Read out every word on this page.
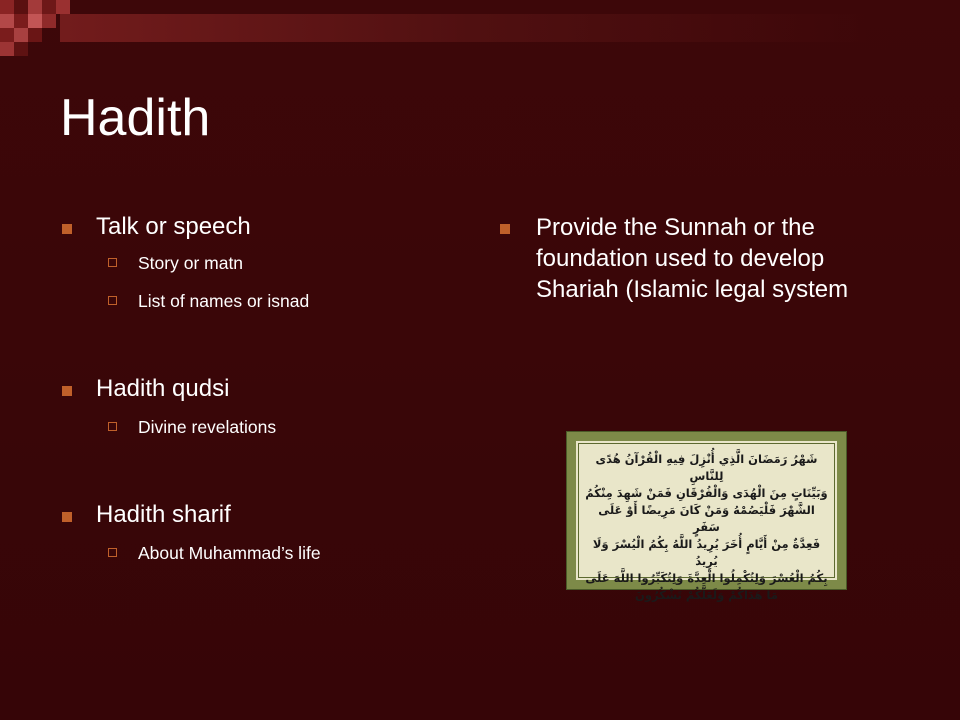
Hadith
Talk or speech
Story or matn
List of names or isnad
Hadith qudsi
Divine revelations
Hadith sharif
About Muhammad’s life
Provide the Sunnah or the foundation used to develop Shariah (Islamic legal system
شَهْرُ رَمَضَانَ الَّذِي أُنْزِلَ فِيهِ الْقُرْآنُ هُدًى لِلنَّاسِ
وَبَيِّنَاتٍ مِنَ الْهُدَى وَالْفُرْقَانِ فَمَنْ شَهِدَ مِنْكُمُ
الشَّهْرَ فَلْيَصُمْهُ وَمَنْ كَانَ مَرِيضًا أَوْ عَلَى سَفَرٍ
فَعِدَّةٌ مِنْ أَيَّامٍ أُخَرَ يُرِيدُ اللَّهُ بِكُمُ الْيُسْرَ وَلَا يُرِيدُ
بِكُمُ الْعُسْرَ وَلِتُكْمِلُوا الْعِدَّةَ وَلِتُكَبِّرُوا اللَّهَ عَلَى
مَا هَدَاكُمْ وَلَعَلَّكُمْ تَشْكُرُونَ
